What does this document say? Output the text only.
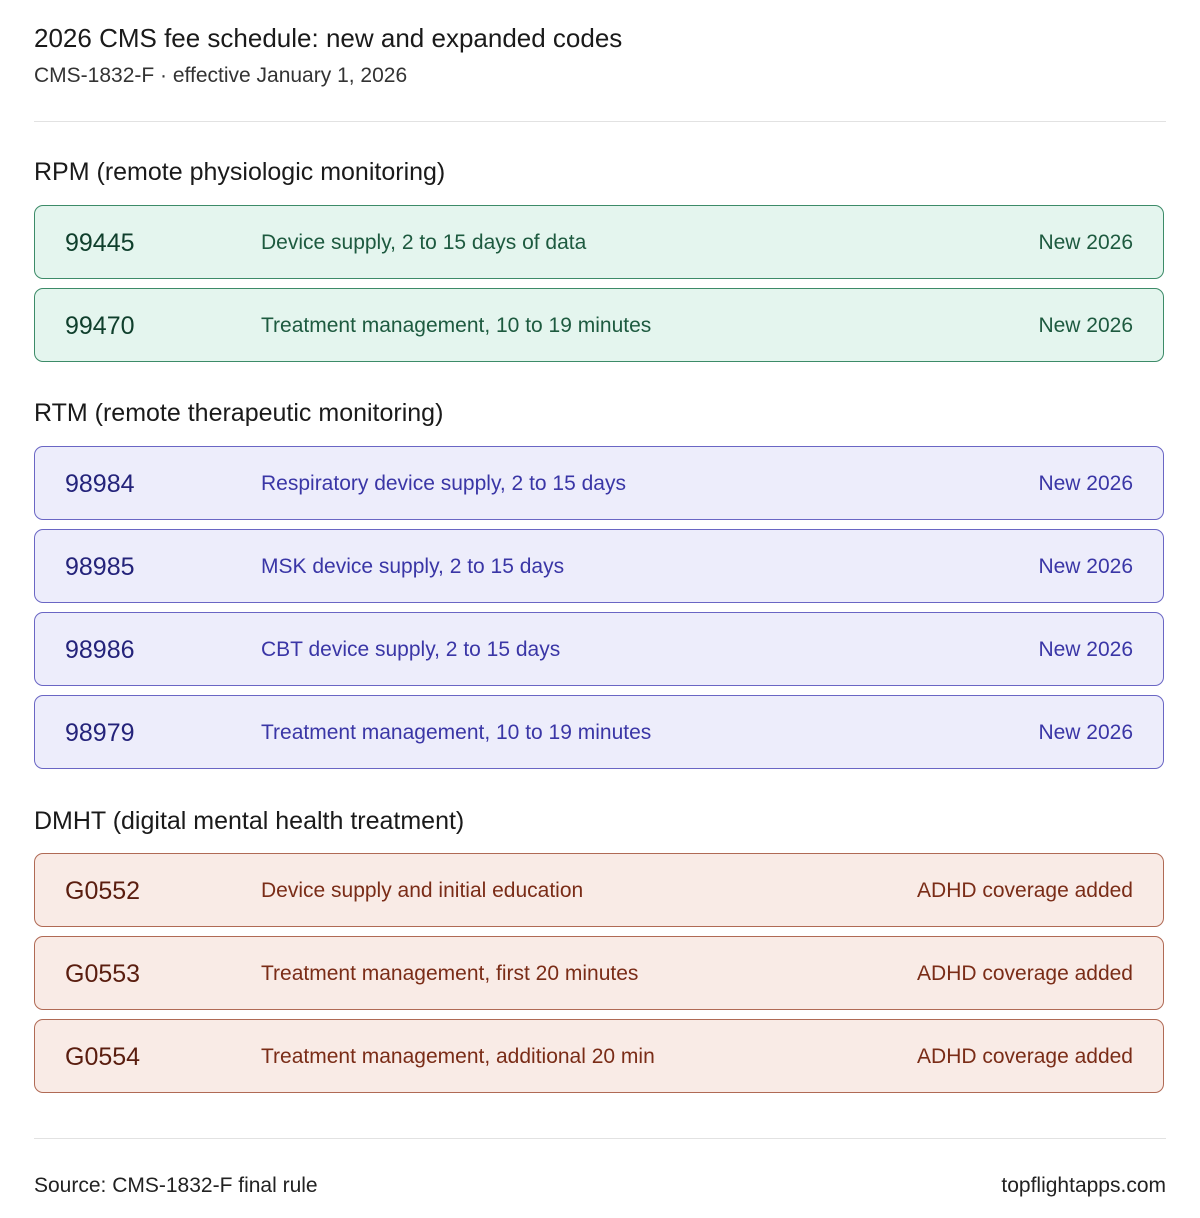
2026 CMS fee schedule: new and expanded codes
CMS-1832-F · effective January 1, 2026
RPM (remote physiologic monitoring)
99445	Device supply, 2 to 15 days of data	New 2026
99470	Treatment management, 10 to 19 minutes	New 2026
RTM (remote therapeutic monitoring)
98984	Respiratory device supply, 2 to 15 days	New 2026
98985	MSK device supply, 2 to 15 days	New 2026
98986	CBT device supply, 2 to 15 days	New 2026
98979	Treatment management, 10 to 19 minutes	New 2026
DMHT (digital mental health treatment)
G0552	Device supply and initial education	ADHD coverage added
G0553	Treatment management, first 20 minutes	ADHD coverage added
G0554	Treatment management, additional 20 min	ADHD coverage added
Source: CMS-1832-F final rule	topflightapps.com
